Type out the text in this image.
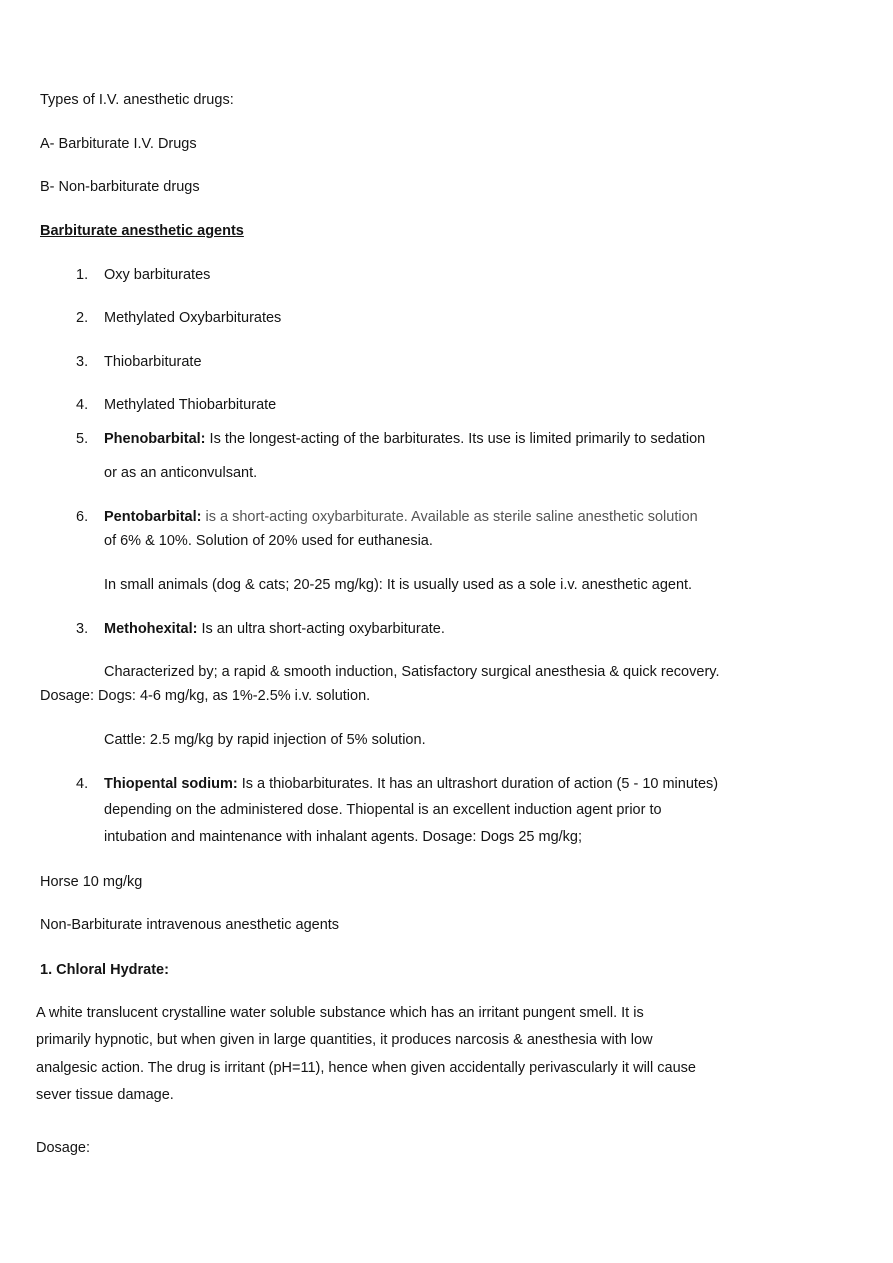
Types of I.V. anesthetic drugs:
A- Barbiturate I.V. Drugs
B- Non-barbiturate drugs
Barbiturate anesthetic agents
1. Oxy barbiturates
2. Methylated Oxybarbiturates
3. Thiobarbiturate
4. Methylated Thiobarbiturate
5. Phenobarbital: Is the longest-acting of the barbiturates. Its use is limited primarily to sedation
or as an anticonvulsant.
6. Pentobarbital: is a short-acting oxybarbiturate. Available as sterile saline anesthetic solution
of 6% & 10%. Solution of 20% used for euthanesia.
In small animals (dog & cats; 20-25 mg/kg): It is usually used as a sole i.v. anesthetic agent.
3. Methohexital: Is an ultra short-acting oxybarbiturate.
Characterized by; a rapid & smooth induction, Satisfactory surgical anesthesia & quick recovery.
Dosage: Dogs: 4-6 mg/kg, as 1%-2.5% i.v. solution.
Cattle: 2.5 mg/kg by rapid injection of 5% solution.
4. Thiopental sodium: Is a thiobarbiturates. It has an ultrashort duration of action (5 - 10 minutes)
depending on the administered dose. Thiopental is an excellent induction agent prior to
intubation and maintenance with inhalant agents. Dosage: Dogs 25 mg/kg;
Horse 10 mg/kg
Non-Barbiturate intravenous anesthetic agents
1. Chloral Hydrate:
A white translucent crystalline water soluble substance which has an irritant pungent smell. It is
primarily hypnotic, but when given in large quantities, it produces narcosis & anesthesia with low
analgesic action. The drug is irritant (pH=11), hence when given accidentally perivascularly it will cause
sever tissue damage.
Dosage:
